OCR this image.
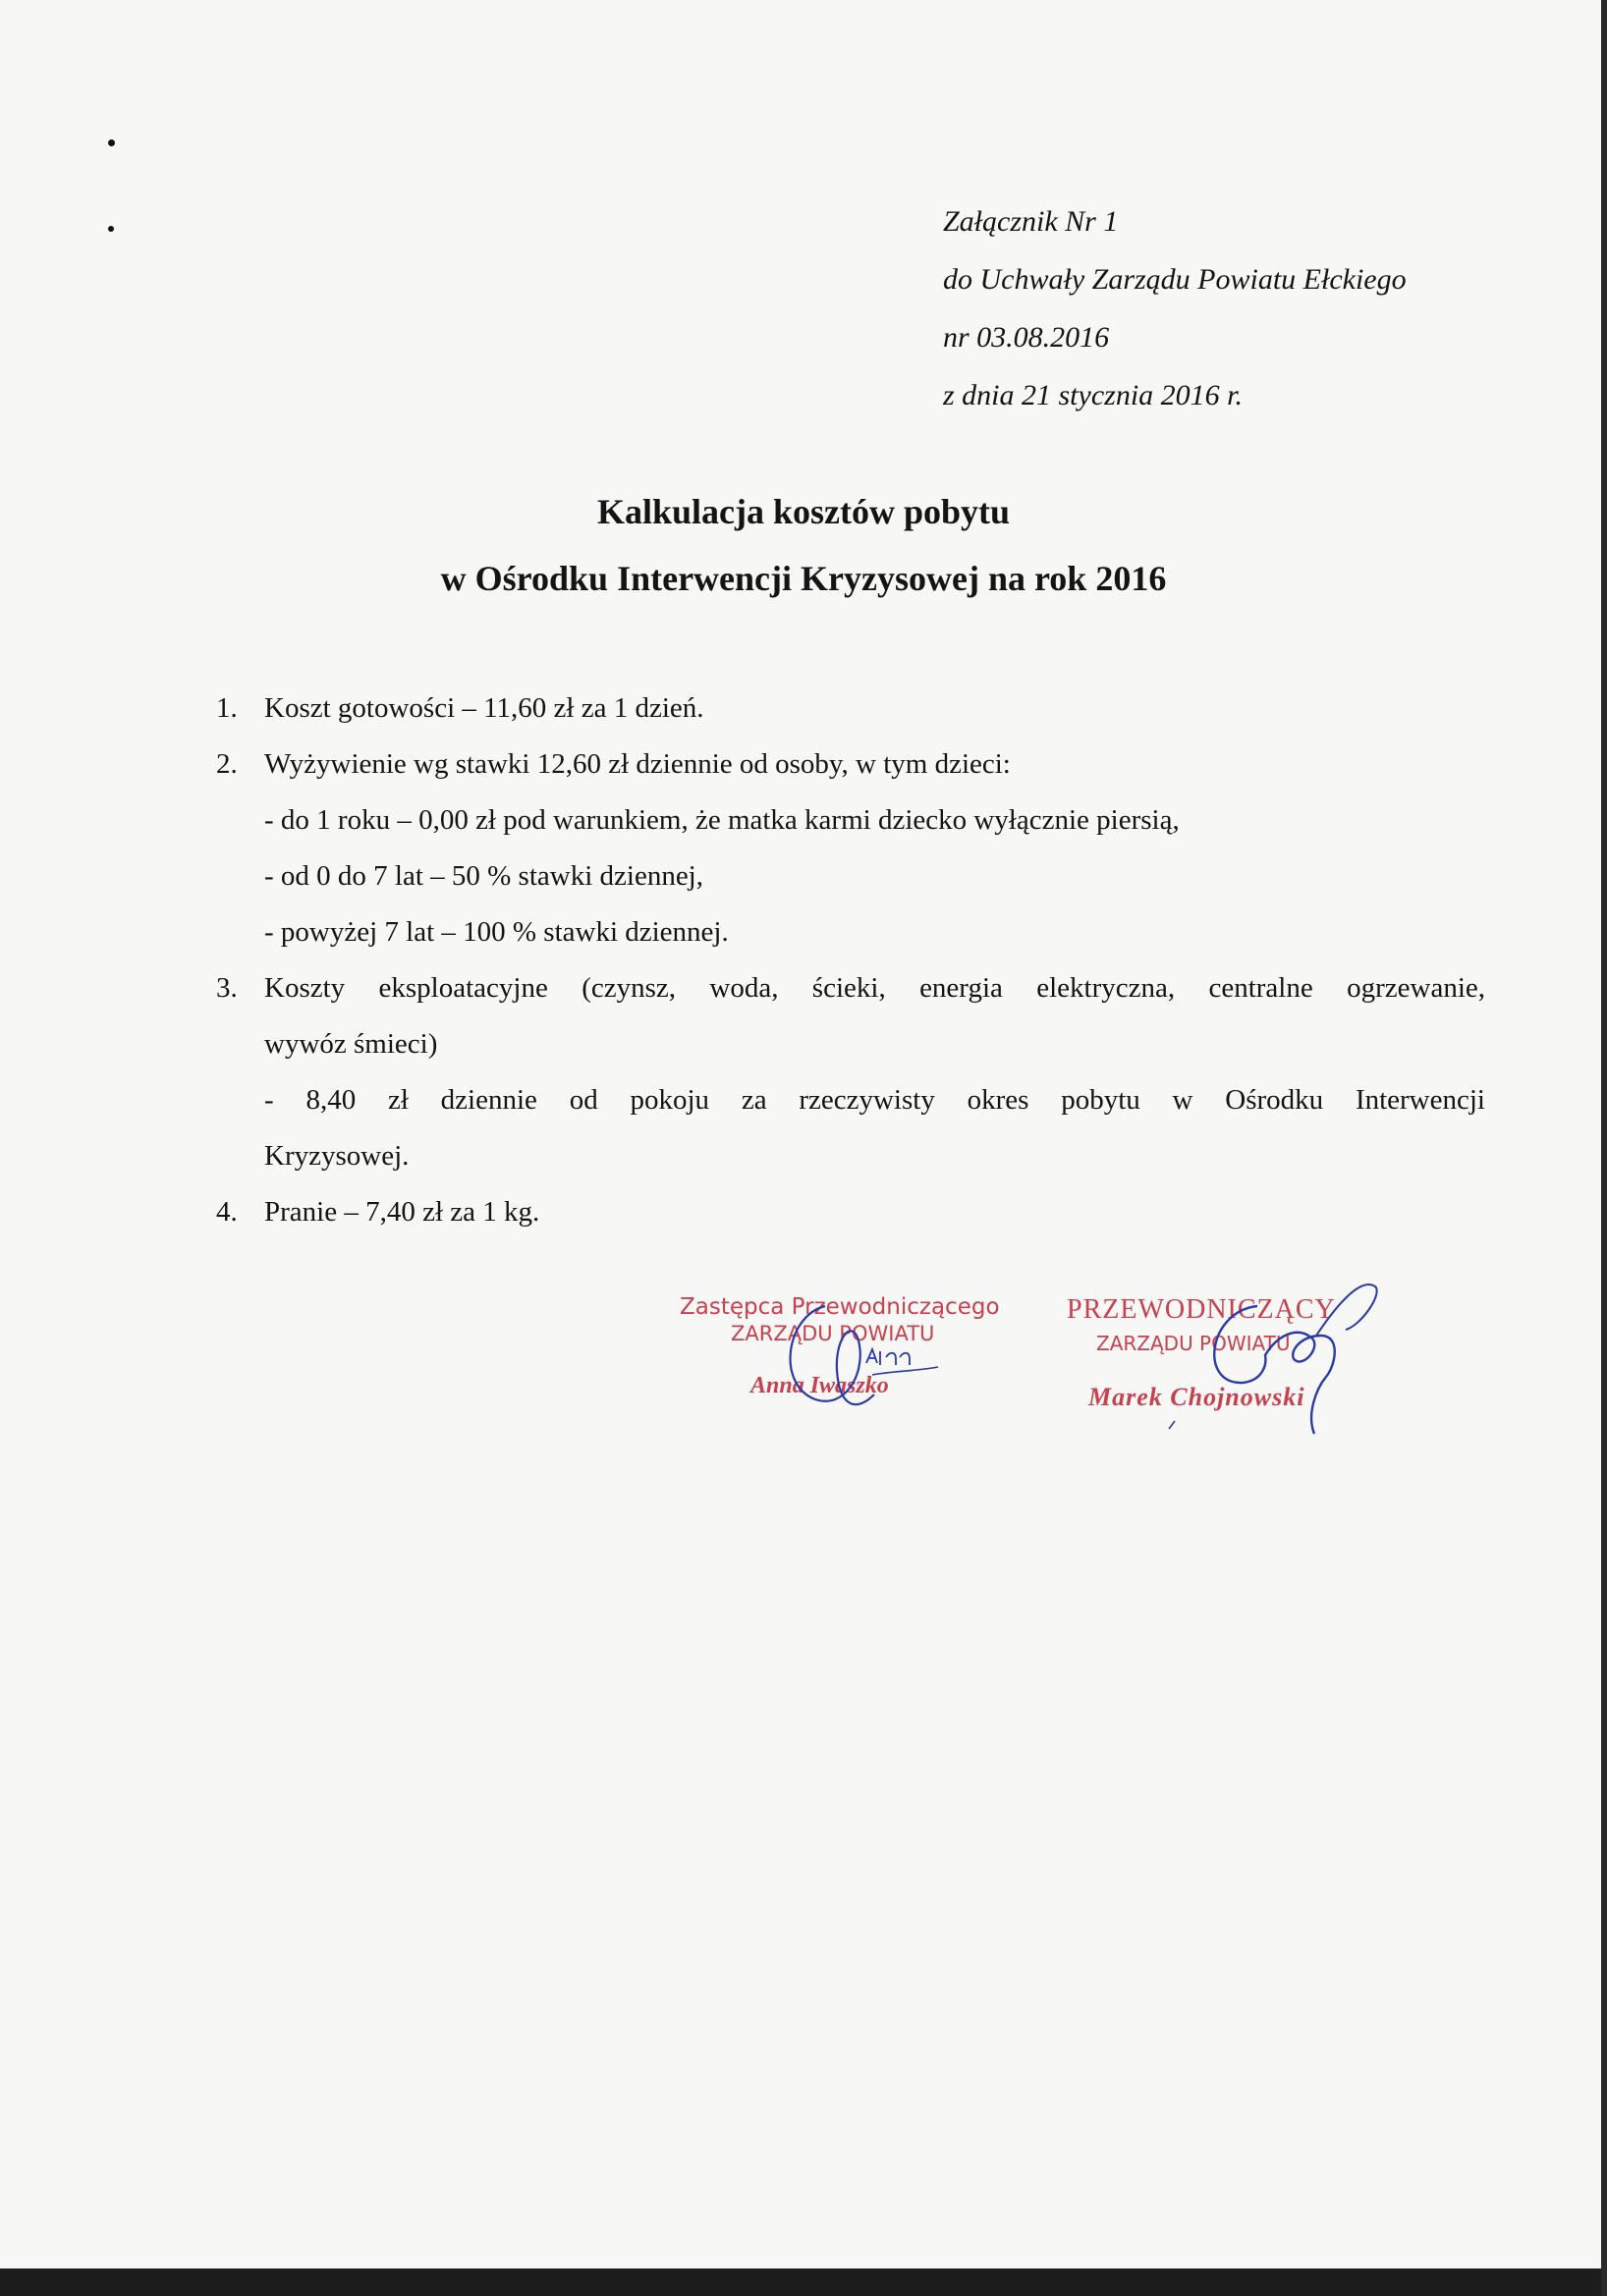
Załącznik Nr 1
do Uchwały Zarządu Powiatu Ełckiego
nr 03.08.2016
z dnia 21 stycznia 2016 r.
Kalkulacja kosztów pobytu
w Ośrodku Interwencji Kryzysowej na rok 2016
1. Koszt gotowości – 11,60 zł za 1 dzień.
2. Wyżywienie wg stawki 12,60 zł dziennie od osoby, w tym dzieci:
- do 1 roku – 0,00 zł pod warunkiem, że matka karmi dziecko wyłącznie piersią,
- od 0 do 7 lat – 50 % stawki dziennej,
- powyżej 7 lat – 100 % stawki dziennej.
3. Koszty eksploatacyjne (czynsz, woda, ścieki, energia elektryczna, centralne ogrzewanie,
wywóz śmieci)
- 8,40 zł dziennie od pokoju za rzeczywisty okres pobytu w Ośrodku Interwencji
Kryzysowej.
4. Pranie – 7,40 zł za 1 kg.
Zastępca Przewodniczącego
ZARZĄDU POWIATU
Anna Iwaszko
PRZEWODNICZĄCY
ZARZĄDU POWIATU
Marek Chojnowski
